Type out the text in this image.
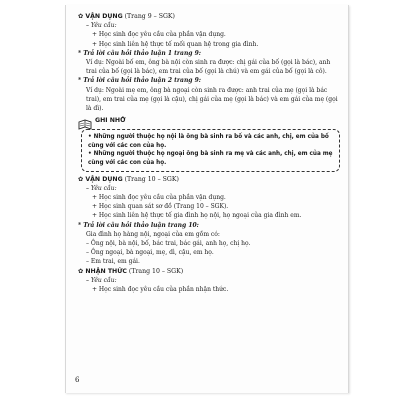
✿ VẬN DỤNG (Trang 9 – SGK)
– Yêu cầu:
+ Học sinh đọc yêu cầu của phần vận dụng.
+ Học sinh liên hệ thực tế mối quan hệ trong gia đình.
* Trả lời câu hỏi thảo luận 1 trang 9:
Ví dụ: Ngoài bố em, ông bà nội còn sinh ra được: chị gái của bố (gọi là bác), anh trai của bố (gọi là bác), em trai của bố (gọi là chú) và em gái của bố (gọi là cô).
* Trả lời câu hỏi thảo luận 2 trang 9:
Ví dụ: Ngoài mẹ em, ông bà ngoại còn sinh ra được: anh trai của mẹ (gọi là bác trai), em trai của mẹ (gọi là cậu), chị gái của mẹ (gọi là bác) và em gái của mẹ (gọi là dì).
GHI NHỚ
• Những người thuộc họ nội là ông bà sinh ra bố và các anh, chị, em của bố cùng với các con của họ.
• Những người thuộc họ ngoại ông bà sinh ra mẹ và các anh, chị, em của mẹ cùng với các con của họ.
✿ VẬN DỤNG (Trang 10 – SGK)
– Yêu cầu:
+ Học sinh đọc yêu cầu của phần vận dụng.
+ Học sinh quan sát sơ đồ (Trang 10 – SGK).
+ Học sinh liên hệ thực tế gia đình họ nội, họ ngoại của gia đình em.
* Trả lời câu hỏi thảo luận trang 10:
Gia đình họ hàng nội, ngoại của em gồm có:
– Ông nội, bà nội, bố, bác trai, bác gái, anh họ, chị họ.
– Ông ngoại, bà ngoại, mẹ, dì, cậu, em họ.
– Em trai, em gái.
✿ NHẬN THỨC (Trang 10 – SGK)
– Yêu cầu:
+ Học sinh đọc yêu cầu của phần nhận thức.
6
